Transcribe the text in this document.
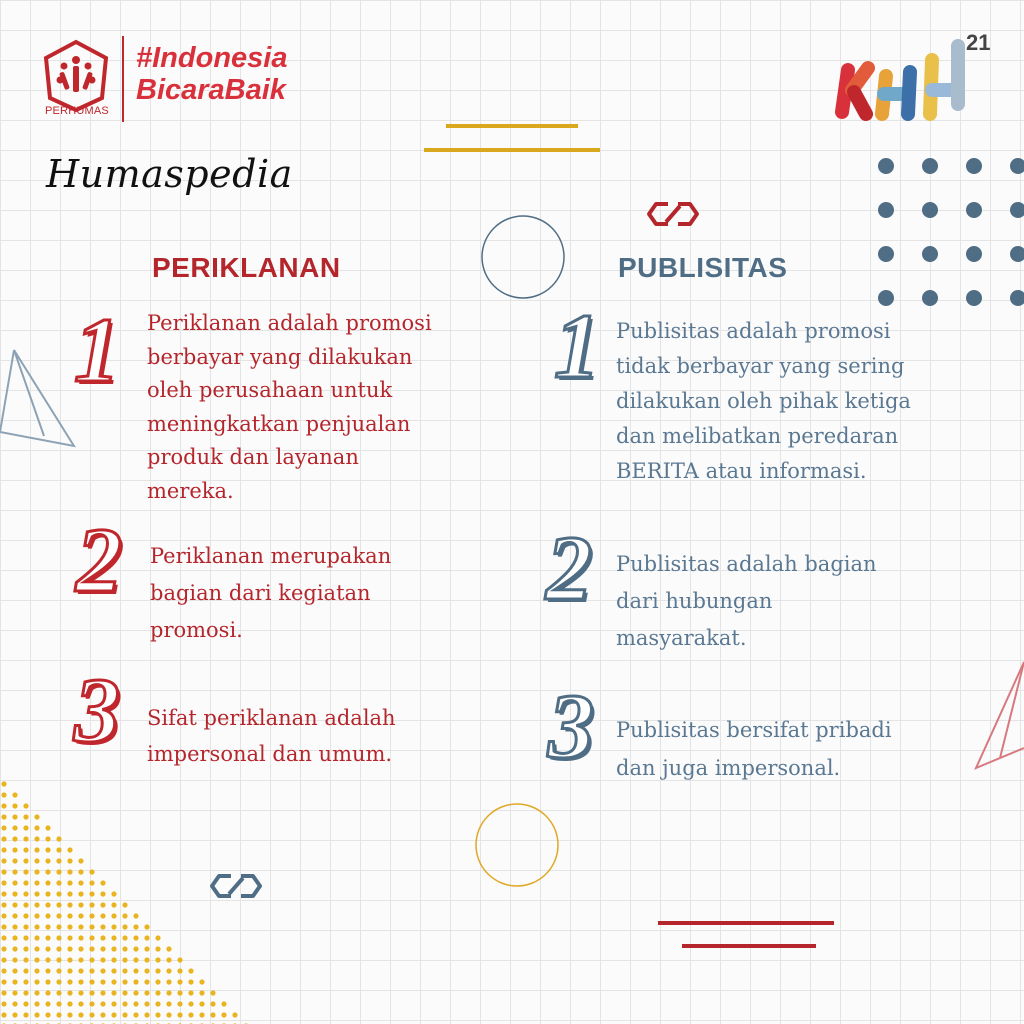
PERHUMAS
#Indonesia
BicaraBaik
21
Humaspedia
PERIKLANAN	PUBLISITAS
1 Periklanan adalah promosi
berbayar yang dilakukan
oleh perusahaan untuk
meningkatkan penjualan
produk dan layanan
mereka.
2 Periklanan merupakan
bagian dari kegiatan
promosi.
3 Sifat periklanan adalah
impersonal dan umum.
1 Publisitas adalah promosi
tidak berbayar yang sering
dilakukan oleh pihak ketiga
dan melibatkan peredaran
BERITA atau informasi.
2 Publisitas adalah bagian
dari hubungan
masyarakat.
3 Publisitas bersifat pribadi
dan juga impersonal.
